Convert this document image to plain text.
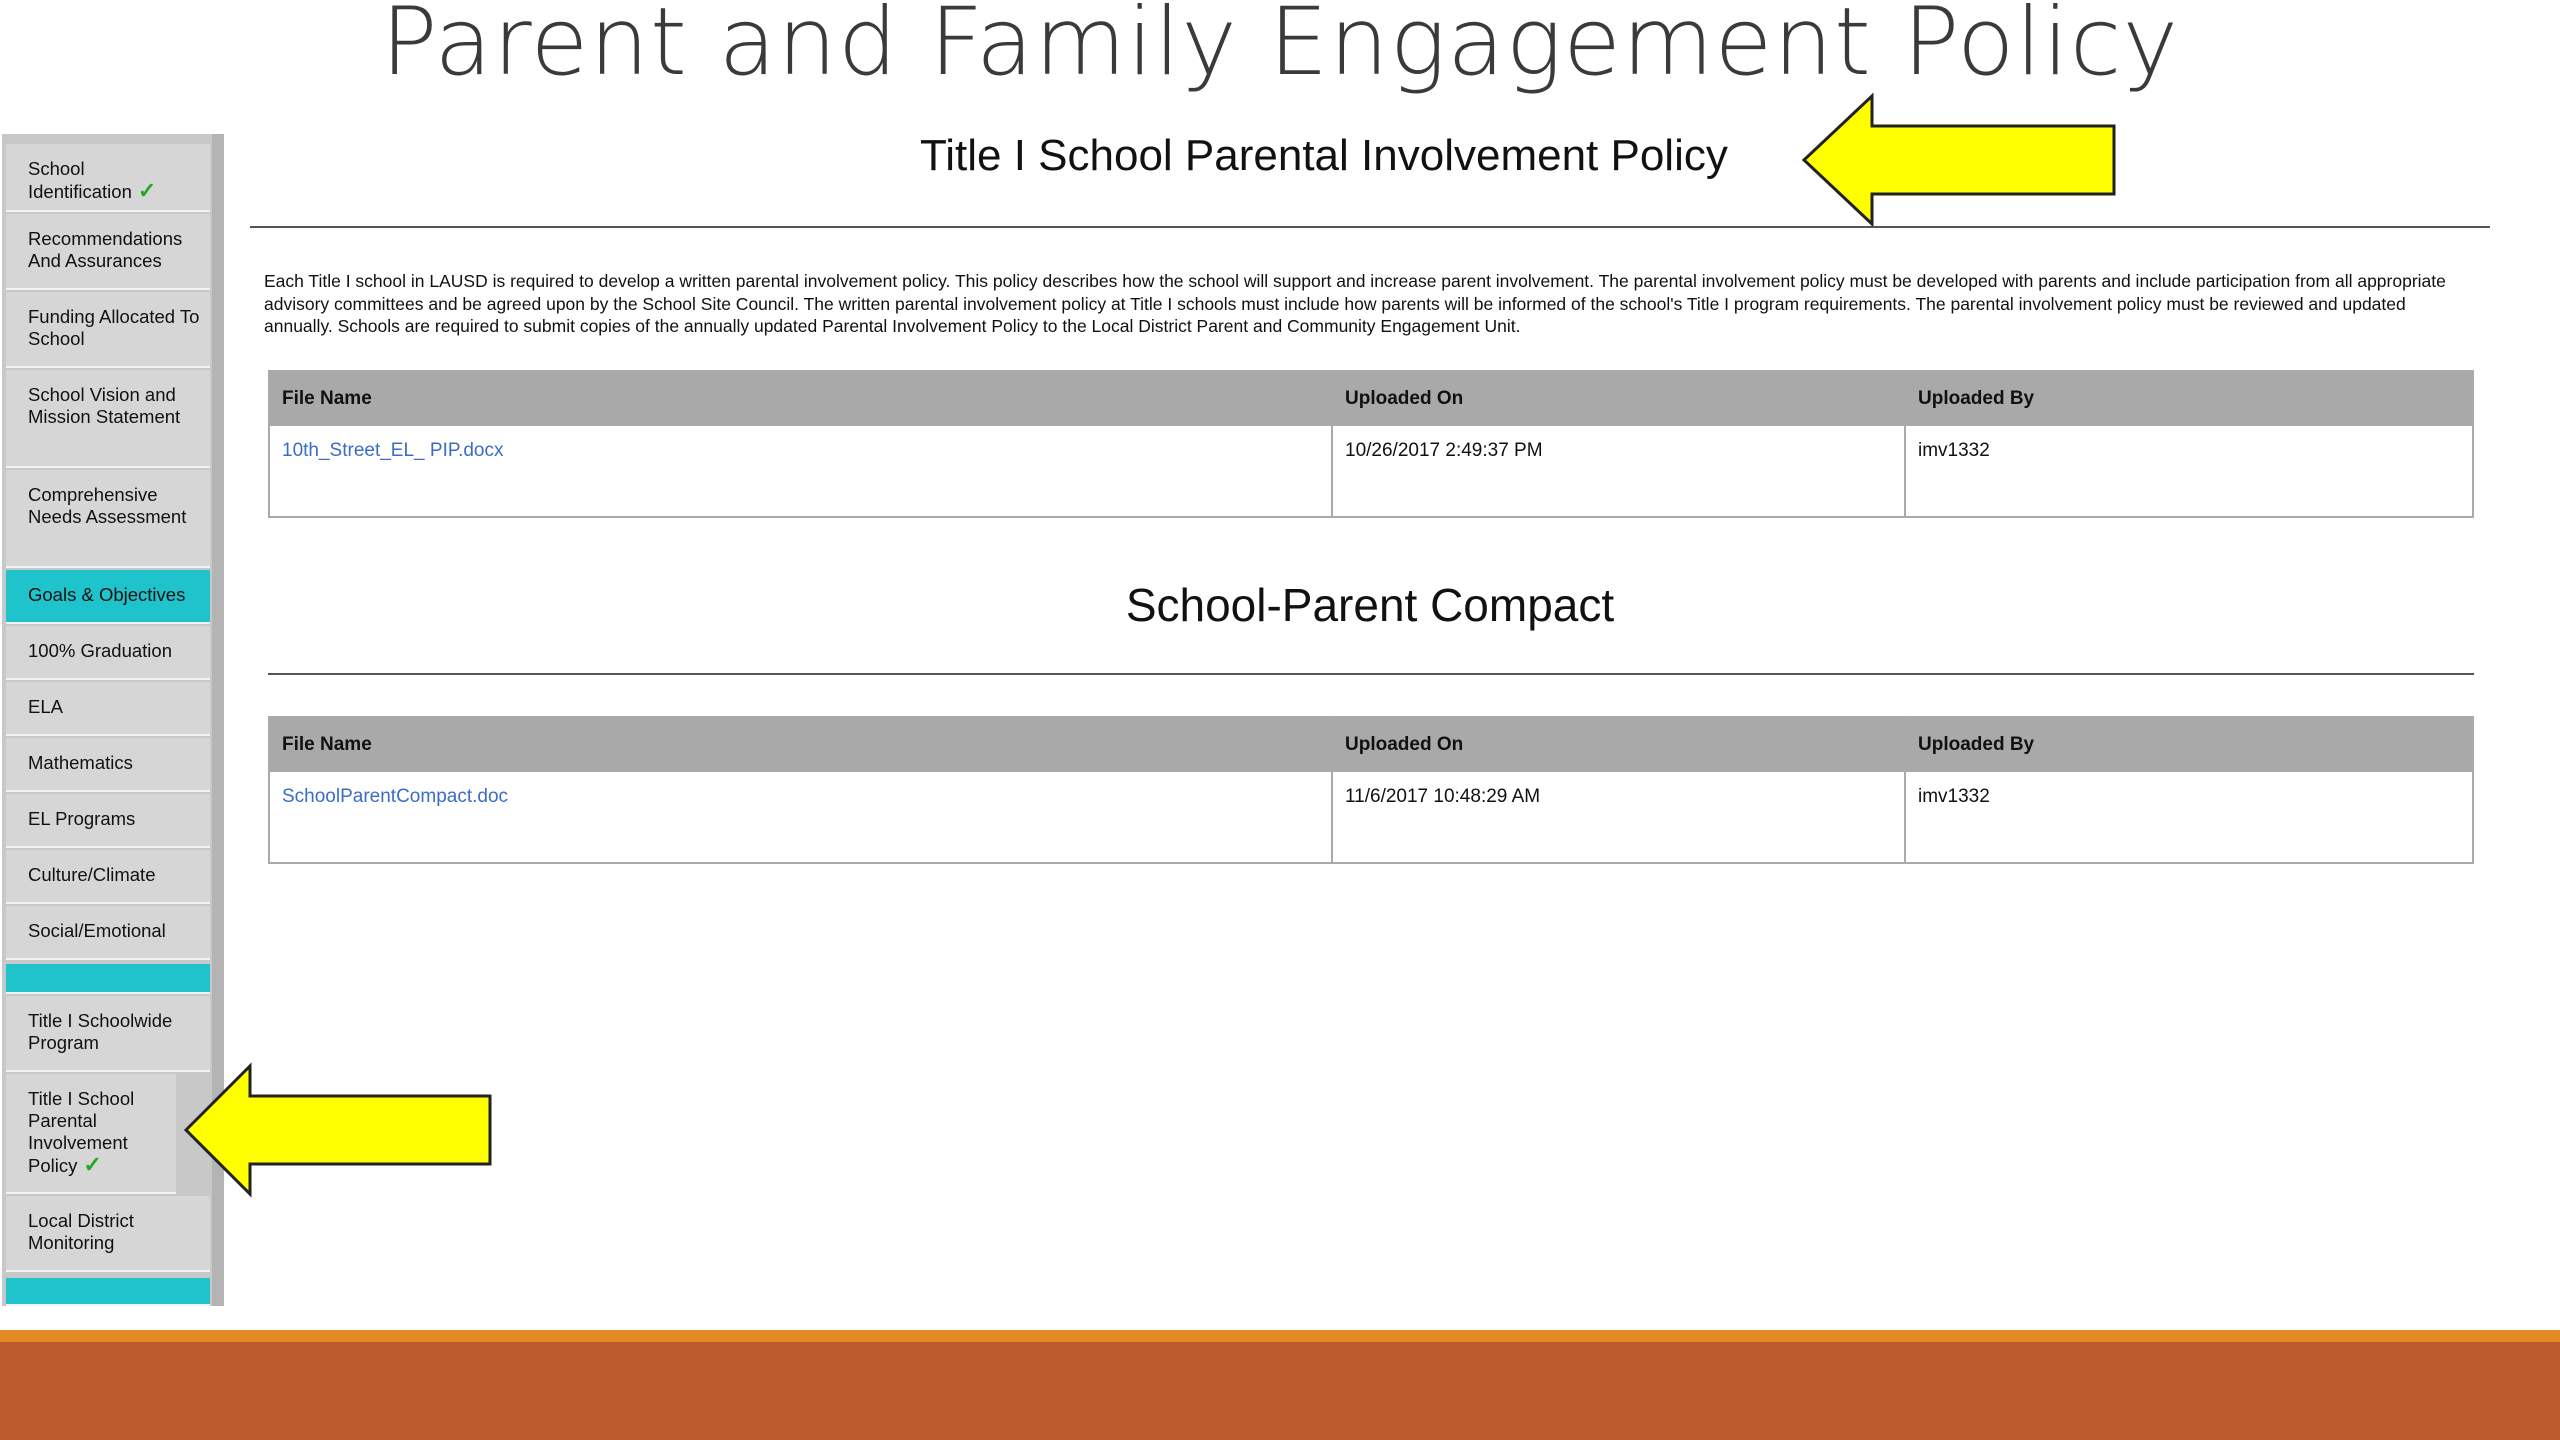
Parent and Family Engagement Policy
School Identification ✓
Recommendations And Assurances
Funding Allocated To School
School Vision and Mission Statement
Comprehensive Needs Assessment
Goals & Objectives
100% Graduation
ELA
Mathematics
EL Programs
Culture/Climate
Social/Emotional
Title I Schoolwide Program
Title I School Parental Involvement Policy ✓
Local District Monitoring
Title I School Parental Involvement Policy
Each Title I school in LAUSD is required to develop a written parental involvement policy. This policy describes how the school will support and increase parent involvement. The parental involvement policy must be developed with parents and include participation from all appropriate advisory committees and be agreed upon by the School Site Council. The written parental involvement policy at Title I schools must include how parents will be informed of the school's Title I program requirements. The parental involvement policy must be reviewed and updated annually. Schools are required to submit copies of the annually updated Parental Involvement Policy to the Local District Parent and Community Engagement Unit.
File Name	Uploaded On	Uploaded By
10th_Street_EL_ PIP.docx	10/26/2017 2:49:37 PM	imv1332
School-Parent Compact
File Name	Uploaded On	Uploaded By
SchoolParentCompact.doc	11/6/2017 10:48:29 AM	imv1332
